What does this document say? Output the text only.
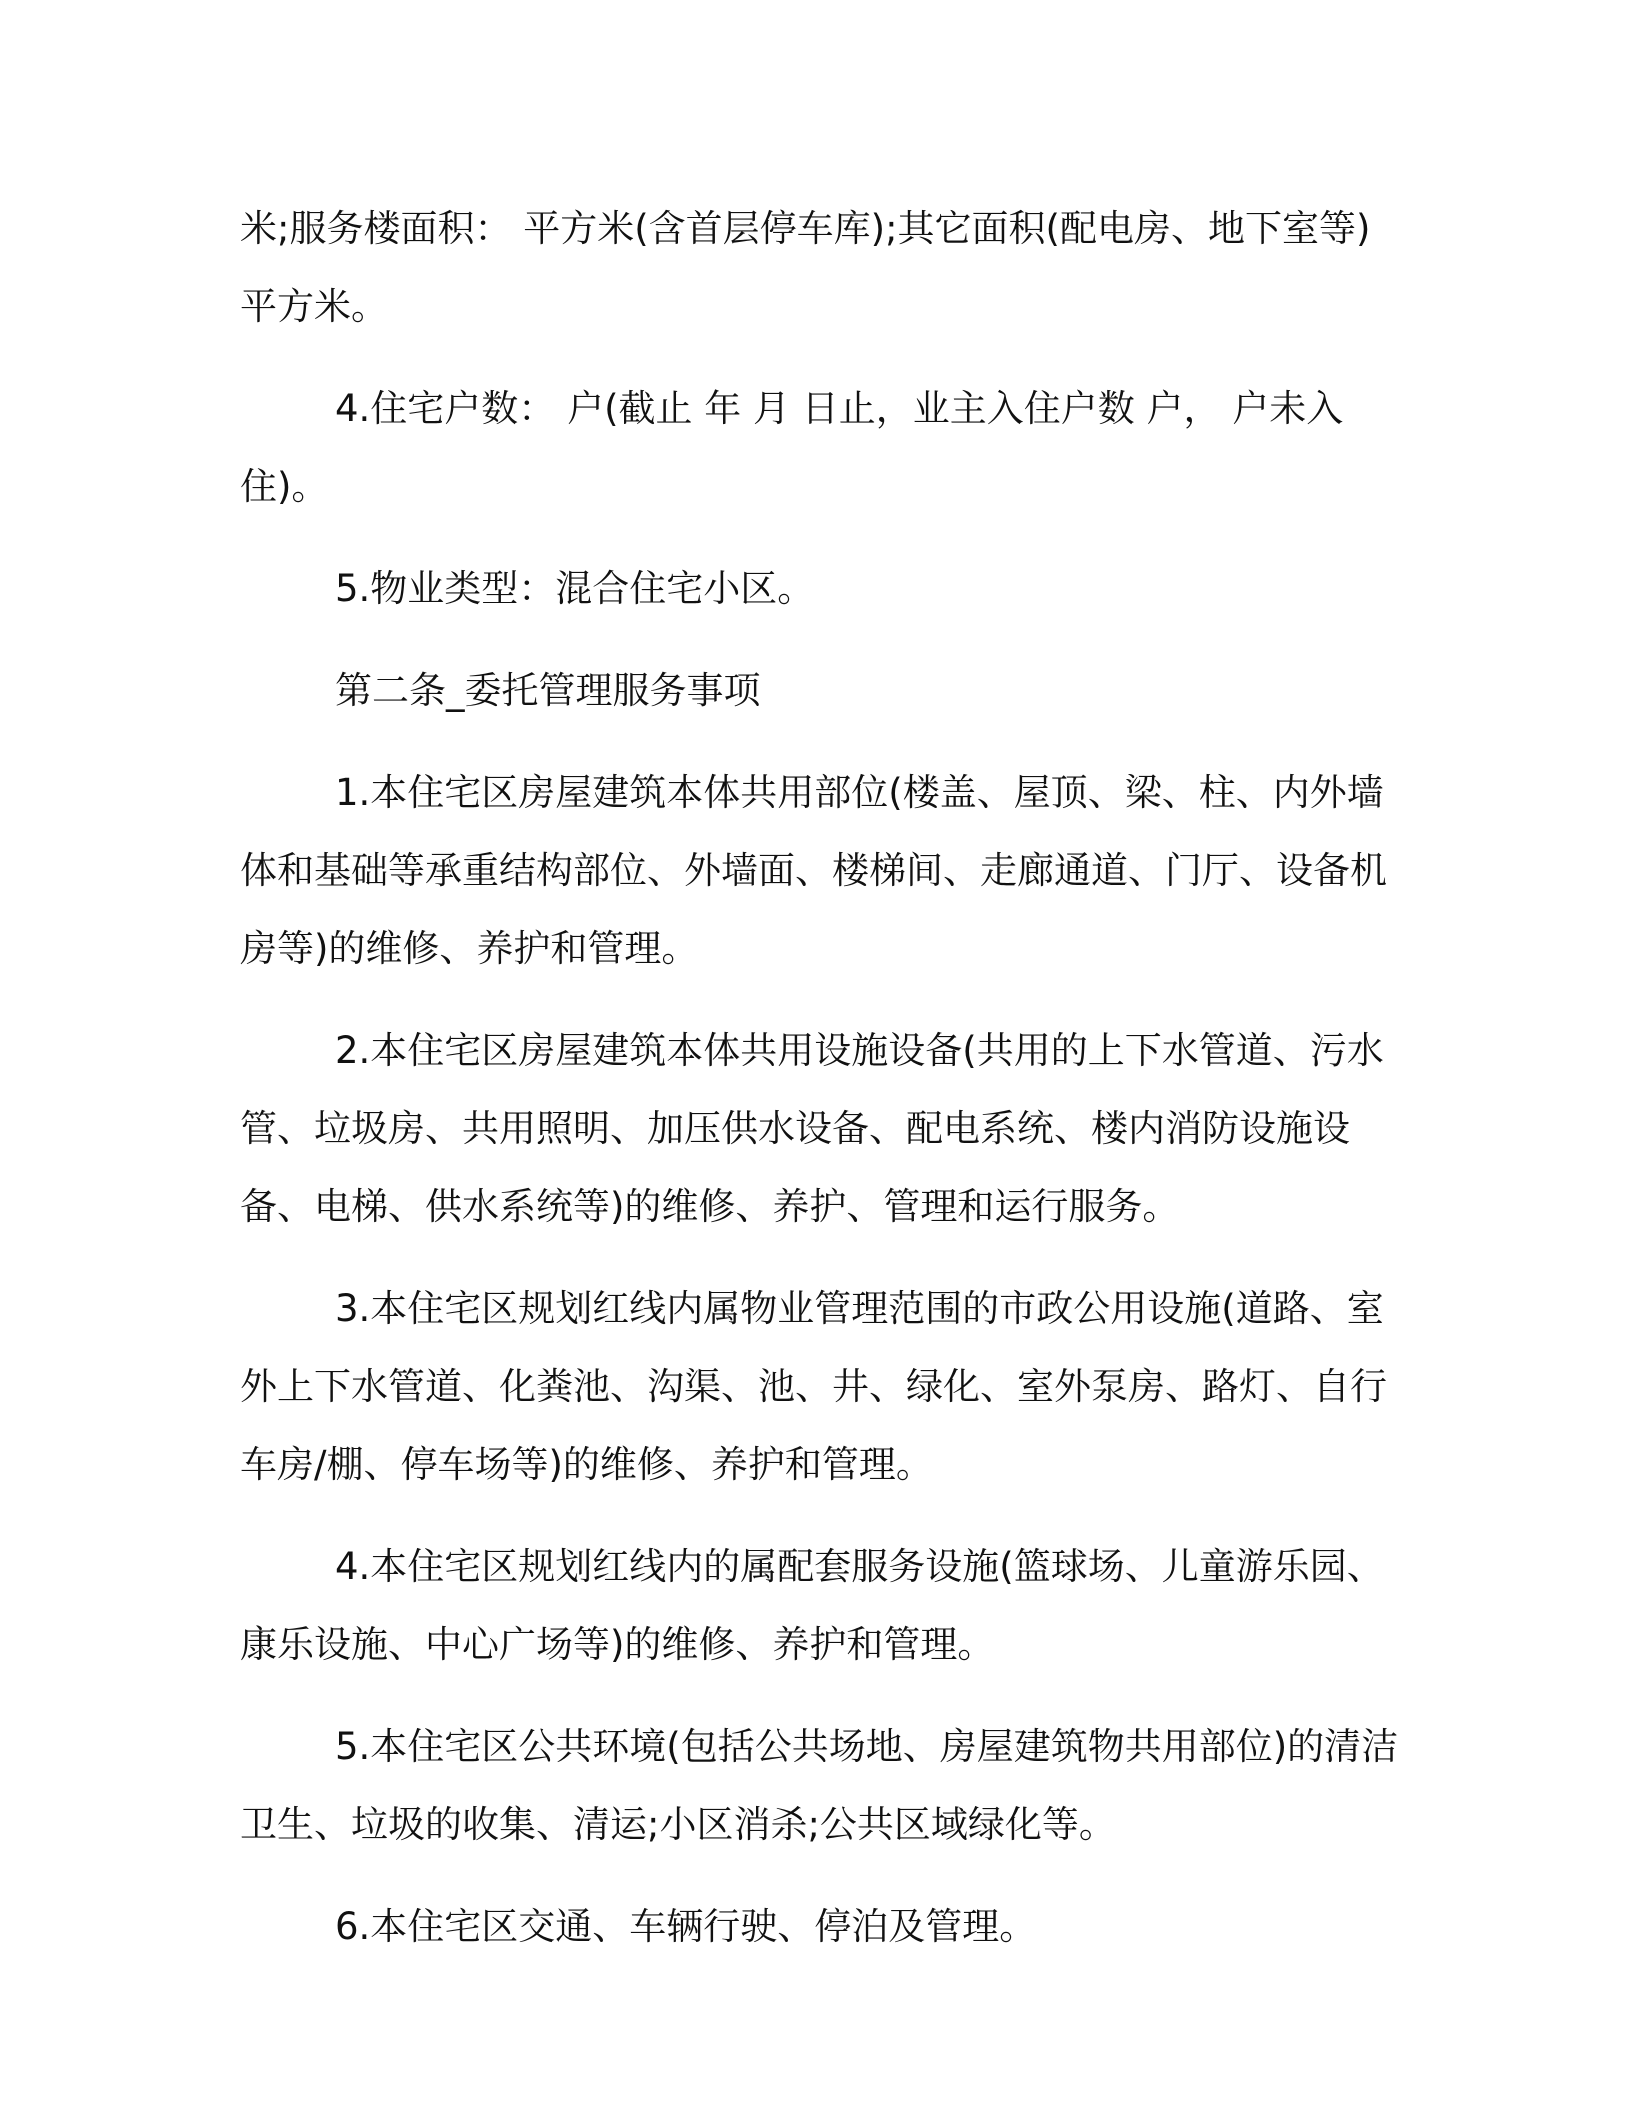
米;服务楼面积： 平方米(含首层停车库);其它面积(配电房、地下室等) 平方米。

4.住宅户数： 户(截止 年 月 日止，业主入住户数 户， 户未入住)。

5.物业类型：混合住宅小区。

第二条_委托管理服务事项

1.本住宅区房屋建筑本体共用部位(楼盖、屋顶、梁、柱、内外墙体和基础等承重结构部位、外墙面、楼梯间、走廊通道、门厅、设备机房等)的维修、养护和管理。

2.本住宅区房屋建筑本体共用设施设备(共用的上下水管道、污水管、垃圾房、共用照明、加压供水设备、配电系统、楼内消防设施设备、电梯、供水系统等)的维修、养护、管理和运行服务。

3.本住宅区规划红线内属物业管理范围的市政公用设施(道路、室外上下水管道、化粪池、沟渠、池、井、绿化、室外泵房、路灯、自行车房/棚、停车场等)的维修、养护和管理。

4.本住宅区规划红线内的属配套服务设施(篮球场、儿童游乐园、康乐设施、中心广场等)的维修、养护和管理。

5.本住宅区公共环境(包括公共场地、房屋建筑物共用部位)的清洁卫生、垃圾的收集、清运;小区消杀;公共区域绿化等。

6.本住宅区交通、车辆行驶、停泊及管理。
